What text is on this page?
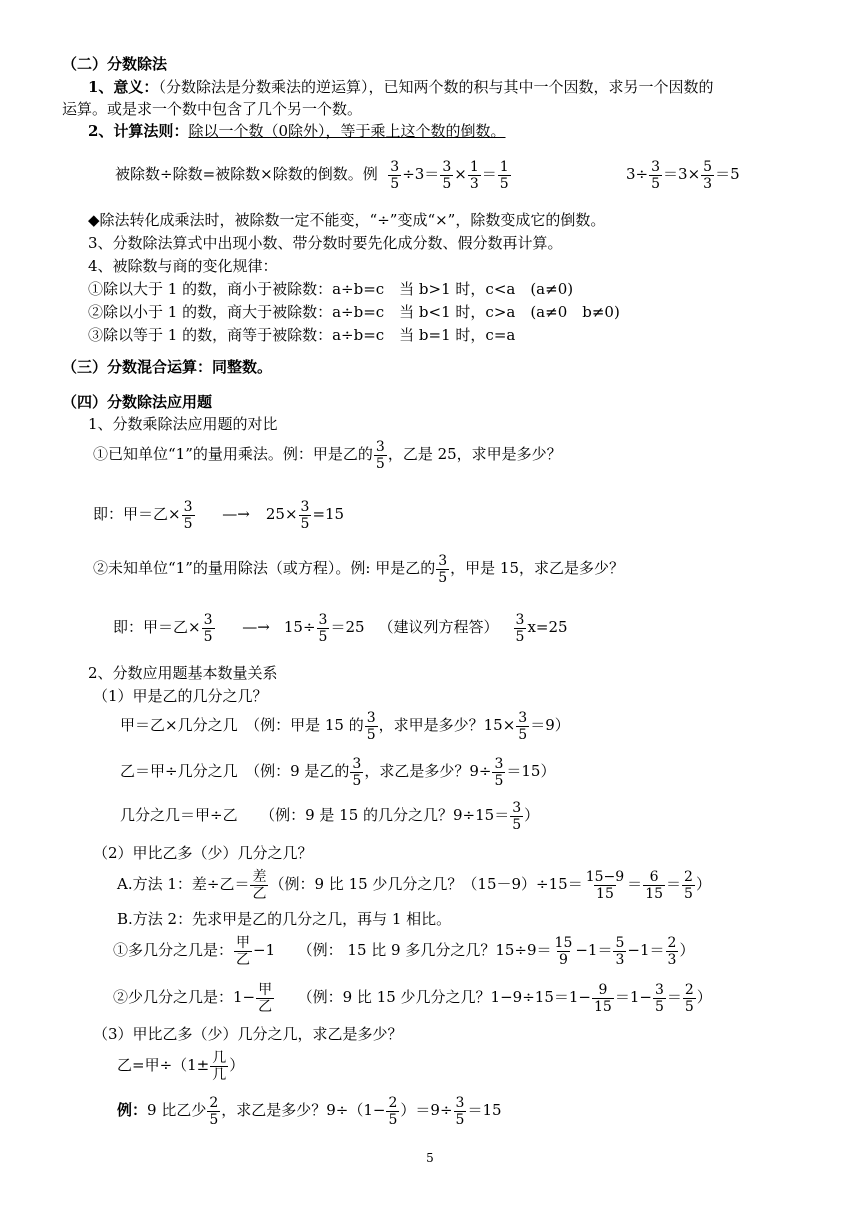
（二）分数除法
1、意义：（分数除法是分数乘法的逆运算），已知两个数的积与其中一个因数，求另一个因数的
运算。或是求一个数中包含了几个另一个数。
2、计算法则：除以一个数（0除外），等于乘上这个数的倒数。
被除数÷除数=被除数×除数的倒数。例 $\frac{3}{5} \div 3= \frac{3}{5} \times \frac{1}{3} = \frac{1}{5}$	$3\div \frac{3}{5} =3\times \frac{5}{3} =5$
◆除法转化成乘法时，被除数一定不能变，“÷”变成“×”，除数变成它的倒数。
3、分数除法算式中出现小数、带分数时要先化成分数、假分数再计算。
4、被除数与商的变化规律：
①除以大于 1 的数，商小于被除数：a÷b=c　当 b>1 时，c<a　(a≠0)
②除以小于 1 的数，商大于被除数：a÷b=c　当 b<1 时，c>a　(a≠0　b≠0)
③除以等于 1 的数，商等于被除数：a÷b=c　当 b=1 时，c=a
（三）分数混合运算：同整数。
（四）分数除法应用题
1、分数乘除法应用题的对比
①已知单位“1”的量用乘法。例：甲是乙的 $\frac{3}{5}$ ，乙是 25，求甲是多少？
即：甲＝乙× $\frac{3}{5}$ —→ $25\times \frac{3}{5} =15$
②未知单位“1”的量用除法（或方程）。例: 甲是乙的 $\frac{3}{5}$ ，甲是 15，求乙是多少？
即：甲＝乙× $\frac{3}{5}$ —→ $15\div \frac{3}{5} =25$ （建议列方程答） $\frac{3}{5} x=25$
2、分数应用题基本数量关系
（1）甲是乙的几分之几？
甲＝乙×几分之几　（例：甲是 15 的 $\frac{3}{5}$ ，求甲是多少？$15\times \frac{3}{5} =9$）
乙＝甲÷几分之几　（例：9 是乙的 $\frac{3}{5}$ ，求乙是多少？$9\div \frac{3}{5} =15$）
几分之几＝甲÷乙　　（例：9 是 15 的几分之几？$9\div 15= \frac{3}{5}$ ）
（2）甲比乙多（少）几分之几？
A.方法 1：差÷乙＝ $\frac{\text{差}}{\text{乙}}$ （例：9 比 15 少几分之几？$(15-9)\div 15= \frac{15-9}{15} = \frac{6}{15} = \frac{2}{5}$ ）
B.方法 2：先求甲是乙的几分之几，再与 1 相比。
①多几分之几是： $\frac{\text{甲}}{\text{乙}} -1$　　（例： 15 比 9 多几分之几？$15\div 9= \frac{15}{9} -1= \frac{5}{3} -1= \frac{2}{3}$ ）
②少几分之几是：$1- \frac{\text{甲}}{\text{乙}}$ 　　（例：9 比 15 少几分之几？$1-9\div 15=1- \frac{9}{15} =1- \frac{3}{5} = \frac{2}{5}$ ）
（3）甲比乙多（少）几分之几，求乙是多少？
乙=甲$\div(1\pm \frac{\text{几}}{\text{几}}$ ）
例：9 比乙少 $\frac{2}{5}$ ，求乙是多少？$9\div(1- \frac{2}{5} )=9\div \frac{3}{5} =15$
5
